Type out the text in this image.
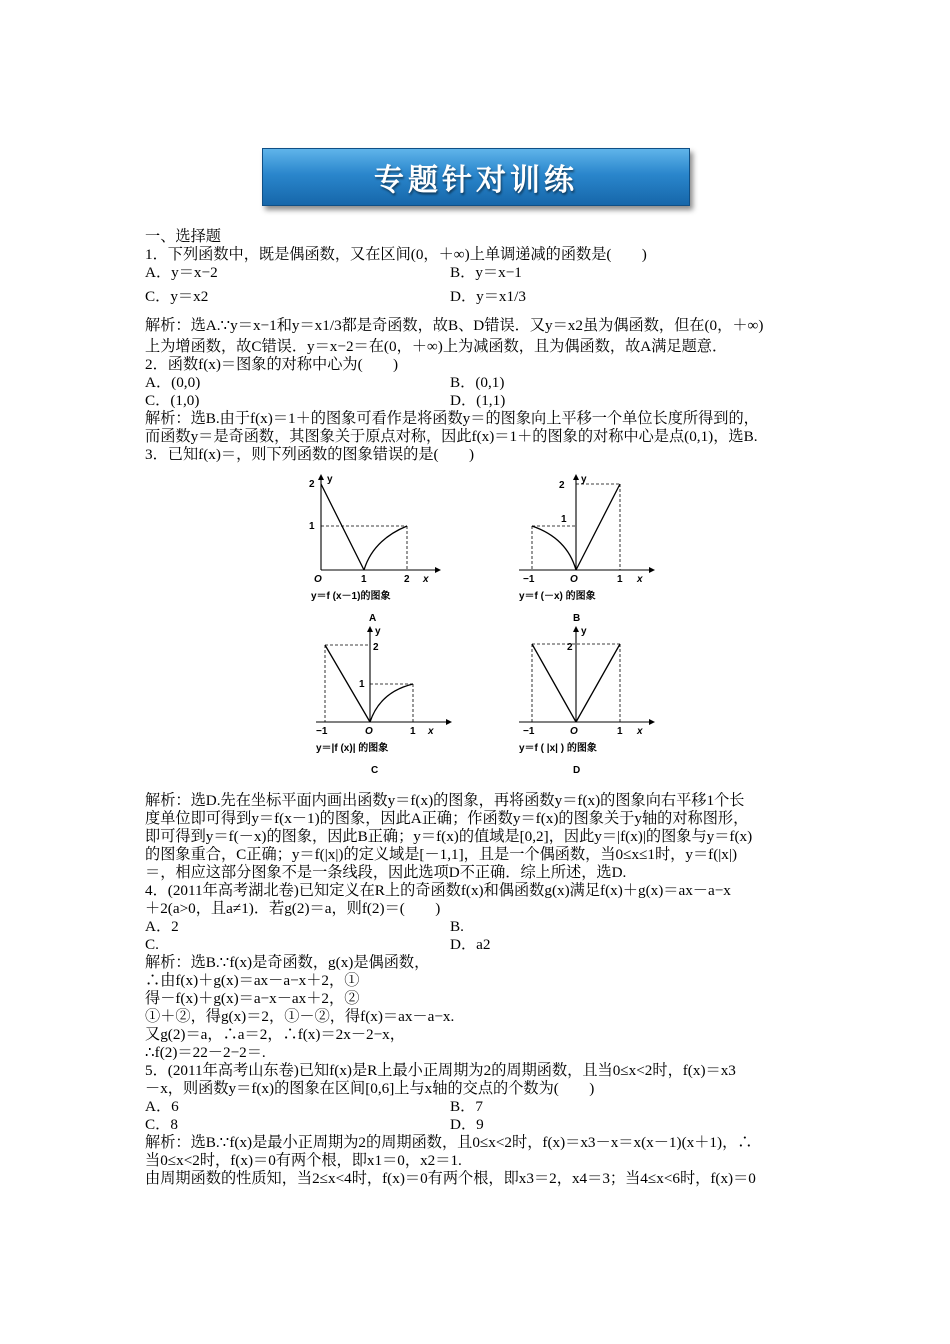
专题针对训练
一、选择题
1．下列函数中，既是偶函数，又在区间(0，＋∞)上单调递减的函数是(　　)
A．y＝x−2	B．y＝x−1
C．y＝x2	D．y＝x1/3
解析：选A.∵y＝x−1和y＝x1/3都是奇函数，故B、D错误．又y＝x2虽为偶函数，但在(0，＋∞)
上为增函数，故C错误．y＝x−2＝在(0，＋∞)上为减函数，且为偶函数，故A满足题意．
2．函数f(x)＝图象的对称中心为(　　)
A．(0,0)	B．(0,1)
C．(1,0)	D．(1,1)
解析：选B.由于f(x)＝1＋的图象可看作是将函数y＝的图象向上平移一个单位长度所得到的，
而函数y＝是奇函数，其图象关于原点对称，因此f(x)＝1＋的图象的对称中心是点(0,1)，选B.
3．已知f(x)＝，则下列函数的图象错误的是(　　)
y
2
1
O	1	2 x
y＝f (x－1)的图象
A
y
2
1
−1	O	1 x
y＝f (－x) 的图象
B
y
2
1
−1	O	1 x
y＝|f (x)| 的图象
C
y
2
−1	O	1 x
y＝f ( |x| ) 的图象
D
解析：选D.先在坐标平面内画出函数y＝f(x)的图象，再将函数y＝f(x)的图象向右平移1个长
度单位即可得到y＝f(x－1)的图象，因此A正确；作函数y＝f(x)的图象关于y轴的对称图形，
即可得到y＝f(－x)的图象，因此B正确；y＝f(x)的值域是[0,2]，因此y＝|f(x)|的图象与y＝f(x)
的图象重合，C正确；y＝f(|x|)的定义域是[－1,1]，且是一个偶函数，当0≤x≤1时，y＝f(|x|)
＝，相应这部分图象不是一条线段，因此选项D不正确．综上所述，选D.
4．(2011年高考湖北卷)已知定义在R上的奇函数f(x)和偶函数g(x)满足f(x)＋g(x)＝ax－a−x
＋2(a>0，且a≠1)．若g(2)＝a，则f(2)＝(　　)
A．2	B.
C.	D．a2
解析：选B.∵f(x)是奇函数，g(x)是偶函数，
∴由f(x)＋g(x)＝ax－a−x＋2，①
得－f(x)＋g(x)＝a−x－ax＋2，②
①＋②，得g(x)＝2，①－②，得f(x)＝ax－a−x.
又g(2)＝a，∴a＝2，∴f(x)＝2x－2−x，
∴f(2)＝22－2−2＝.
5．(2011年高考山东卷)已知f(x)是R上最小正周期为2的周期函数，且当0≤x<2时，f(x)＝x3
－x，则函数y＝f(x)的图象在区间[0,6]上与x轴的交点的个数为(　　)
A．6	B．7
C．8	D．9
解析：选B.∵f(x)是最小正周期为2的周期函数，且0≤x<2时，f(x)＝x3－x＝x(x－1)(x＋1)，∴
当0≤x<2时，f(x)＝0有两个根，即x1＝0，x2＝1.
由周期函数的性质知，当2≤x<4时，f(x)＝0有两个根，即x3＝2，x4＝3；当4≤x<6时，f(x)＝0
